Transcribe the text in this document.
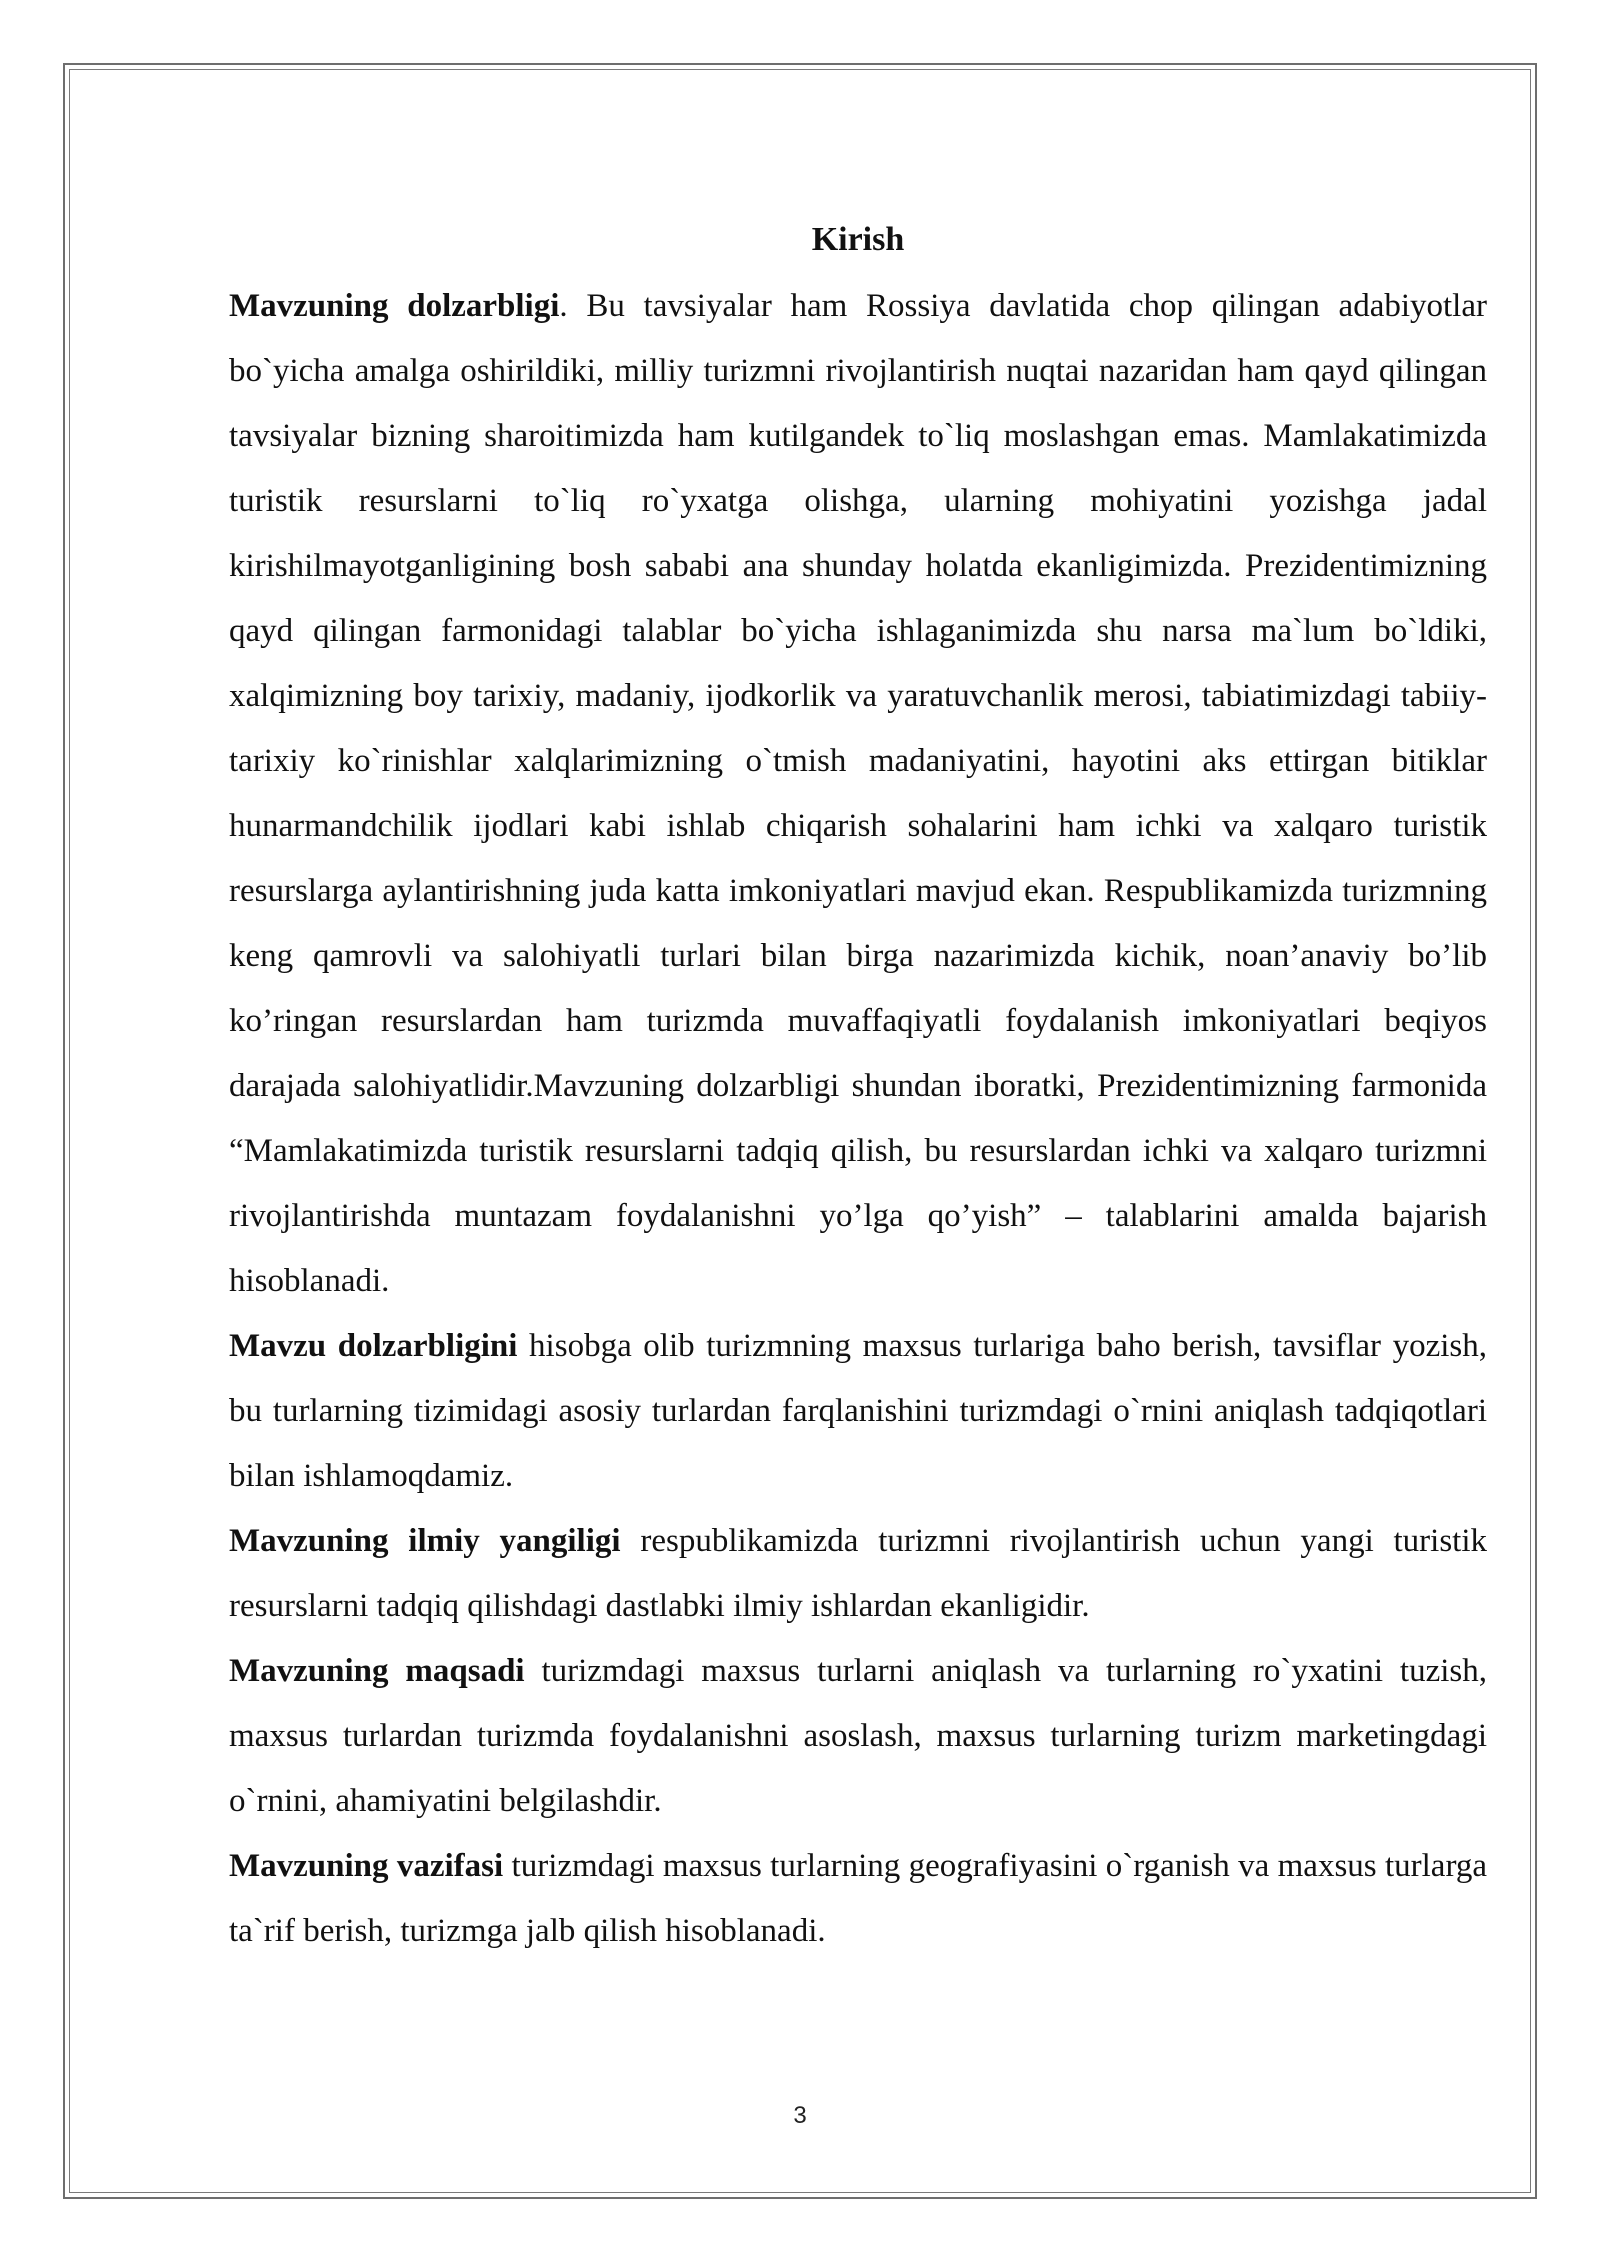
Kirish

Mavzuning dolzarbligi. Bu tavsiyalar ham Rossiya davlatida chop qilingan adabiyotlar bo`yicha amalga oshirildiki, milliy turizmni rivojlantirish nuqtai nazaridan ham qayd qilingan tavsiyalar bizning sharoitimizda ham kutilgandek to`liq moslashgan emas. Mamlakatimizda turistik resurslarni to`liq ro`yxatga olishga, ularning mohiyatini yozishga jadal kirishilmayotganligining bosh sababi ana shunday holatda ekanligimizda. Prezidentimizning qayd qilingan farmonidagi talablar bo`yicha ishlaganimizda shu narsa ma`lum bo`ldiki, xalqimizning boy tarixiy, madaniy, ijodkorlik va yaratuvchanlik merosi, tabiatimizdagi tabiiy-tarixiy ko`rinishlar xalqlarimizning o`tmish madaniyatini, hayotini aks ettirgan bitiklar hunarmandchilik ijodlari kabi ishlab chiqarish sohalarini ham ichki va xalqaro turistik resurslarga aylantirishning juda katta imkoniyatlari mavjud ekan. Respublikamizda turizmning keng qamrovli va salohiyatli turlari bilan birga nazarimizda kichik, noan’anaviy bo’lib ko’ringan resurslardan ham turizmda muvaffaqiyatli foydalanish imkoniyatlari beqiyos darajada salohiyatlidir.Mavzuning dolzarbligi shundan iboratki, Prezidentimizning farmonida “Mamlakatimizda turistik resurslarni tadqiq qilish, bu resurslardan ichki va xalqaro turizmni rivojlantirishda muntazam foydalanishni yo’lga qo’yish” – talablarini amalda bajarish hisoblanadi.

Mavzu dolzarbligini hisobga olib turizmning maxsus turlariga baho berish, tavsiflar yozish, bu turlarning tizimidagi asosiy turlardan farqlanishini turizmdagi o`rnini aniqlash tadqiqotlari bilan ishlamoqdamiz.

Mavzuning ilmiy yangiligi respublikamizda turizmni rivojlantirish uchun yangi turistik resurslarni tadqiq qilishdagi dastlabki ilmiy ishlardan ekanligidir.

Mavzuning maqsadi turizmdagi maxsus turlarni aniqlash va turlarning ro`yxatini tuzish, maxsus turlardan turizmda foydalanishni asoslash, maxsus turlarning turizm marketingdagi o`rnini, ahamiyatini belgilashdir.

Mavzuning vazifasi turizmdagi maxsus turlarning geografiyasini o`rganish va maxsus turlarga ta`rif berish, turizmga jalb qilish hisoblanadi.

3
